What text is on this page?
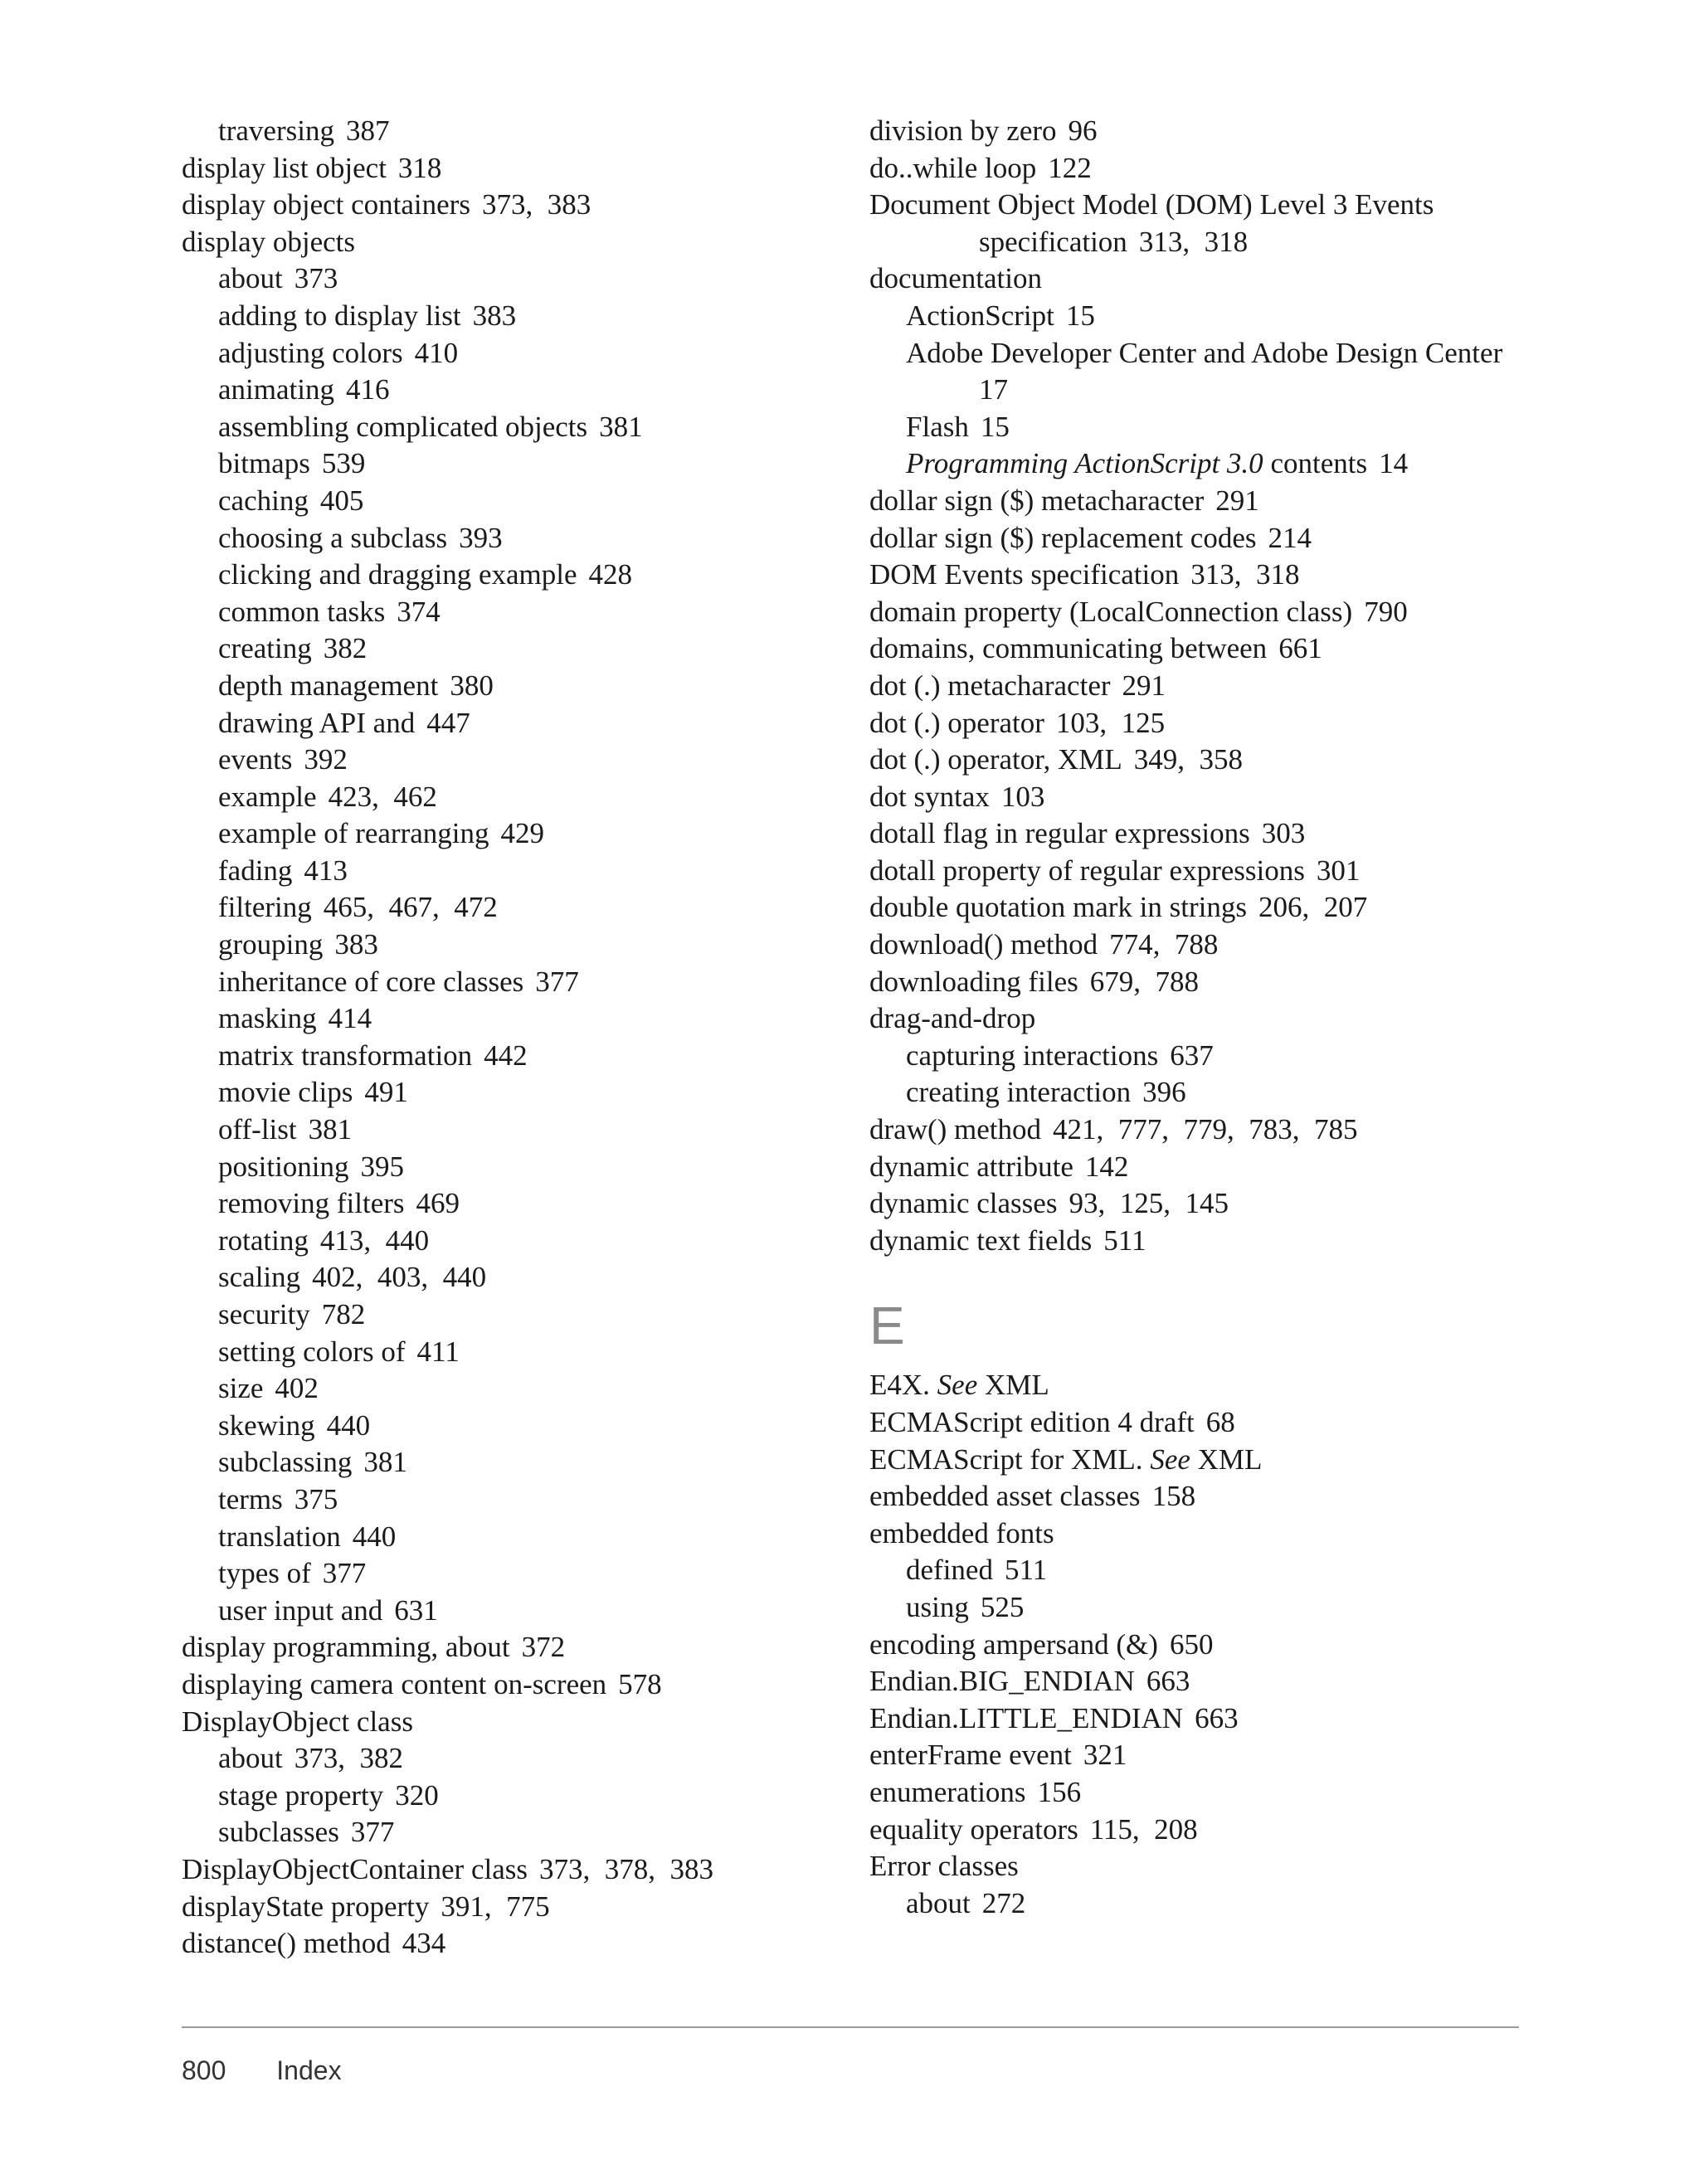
traversing 387
display list object 318
display object containers 373,  383
display objects
about 373
adding to display list 383
adjusting colors 410
animating 416
assembling complicated objects 381
bitmaps 539
caching 405
choosing a subclass 393
clicking and dragging example 428
common tasks 374
creating 382
depth management 380
drawing API and 447
events 392
example 423,  462
example of rearranging 429
fading 413
filtering 465,  467,  472
grouping 383
inheritance of core classes 377
masking 414
matrix transformation 442
movie clips 491
off-list 381
positioning 395
removing filters 469
rotating 413,  440
scaling 402,  403,  440
security 782
setting colors of 411
size 402
skewing 440
subclassing 381
terms 375
translation 440
types of 377
user input and 631
display programming, about 372
displaying camera content on-screen 578
DisplayObject class
about 373,  382
stage property 320
subclasses 377
DisplayObjectContainer class 373,  378,  383
displayState property 391,  775
distance() method 434
division by zero 96
do..while loop 122
Document Object Model (DOM) Level 3 Events
specification 313,  318
documentation
ActionScript 15
Adobe Developer Center and Adobe Design Center
17
Flash 15
Programming ActionScript 3.0 contents 14
dollar sign ($) metacharacter 291
dollar sign ($) replacement codes 214
DOM Events specification 313,  318
domain property (LocalConnection class) 790
domains, communicating between 661
dot (.) metacharacter 291
dot (.) operator 103,  125
dot (.) operator, XML 349,  358
dot syntax 103
dotall flag in regular expressions 303
dotall property of regular expressions 301
double quotation mark in strings 206,  207
download() method 774,  788
downloading files 679,  788
drag-and-drop
capturing interactions 637
creating interaction 396
draw() method 421,  777,  779,  783,  785
dynamic attribute 142
dynamic classes 93,  125,  145
dynamic text fields 511
E
E4X. See XML
ECMAScript edition 4 draft 68
ECMAScript for XML. See XML
embedded asset classes 158
embedded fonts
defined 511
using 525
encoding ampersand (&) 650
Endian.BIG_ENDIAN 663
Endian.LITTLE_ENDIAN 663
enterFrame event 321
enumerations 156
equality operators 115,  208
Error classes
about 272
800 Index
